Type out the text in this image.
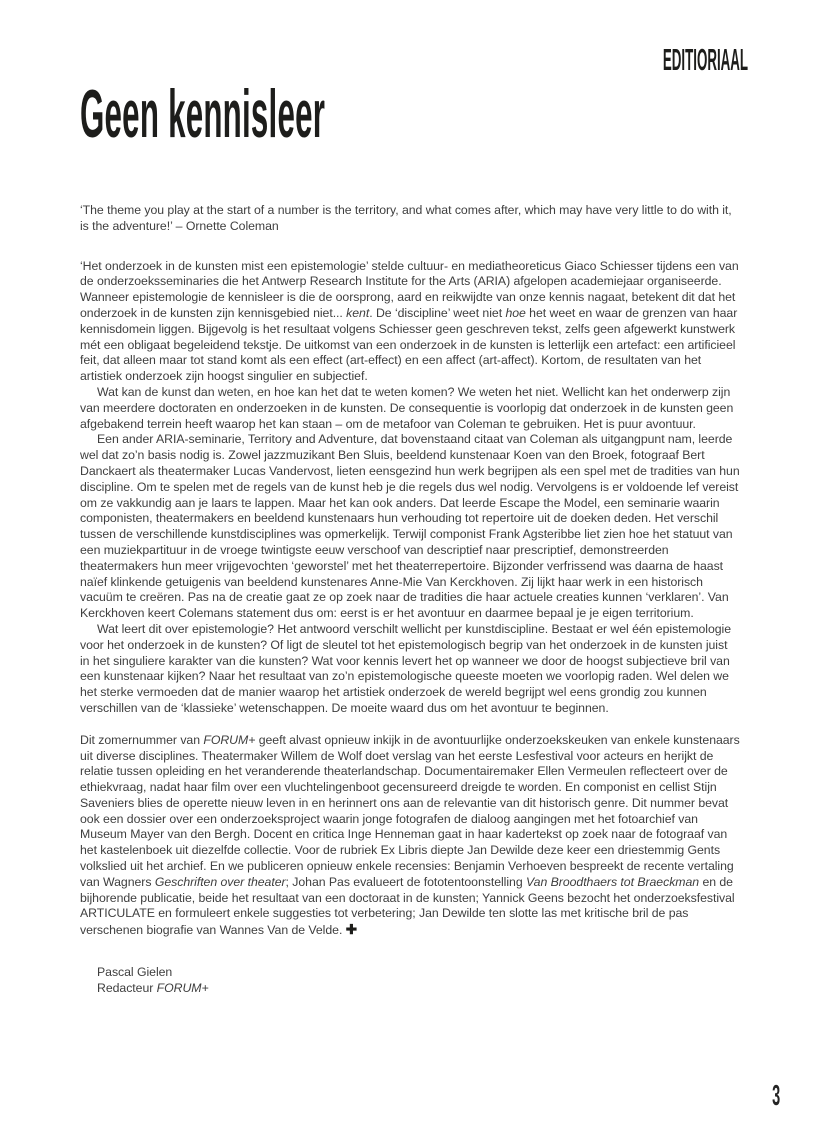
EDITIORIAAL
Geen kennisleer

‘The theme you play at the start of a number is the territory, and what comes after, which may have very little to do with it, is the adventure!’ – Ornette Coleman

‘Het onderzoek in de kunsten mist een epistemologie’ stelde cultuur- en mediatheoreticus Giaco Schiesser tijdens een van de onderzoeksseminaries die het Antwerp Research Institute for the Arts (ARIA) afgelopen academiejaar organiseerde. Wanneer epistemologie de kennisleer is die de oorsprong, aard en reikwijdte van onze kennis nagaat, betekent dit dat het onderzoek in de kunsten zijn kennisgebied niet... kent. De ‘discipline’ weet niet hoe het weet en waar de grenzen van haar kennisdomein liggen. Bijgevolg is het resultaat volgens Schiesser geen geschreven tekst, zelfs geen afgewerkt kunstwerk mét een obligaat begeleidend tekstje. De uitkomst van een onderzoek in de kunsten is letterlijk een artefact: een artificieel feit, dat alleen maar tot stand komt als een effect (art-effect) en een affect (art-affect). Kortom, de resultaten van het artistiek onderzoek zijn hoogst singulier en subjectief.

Wat kan de kunst dan weten, en hoe kan het dat te weten komen? We weten het niet. Wellicht kan het onderwerp zijn van meerdere doctoraten en onderzoeken in de kunsten. De consequentie is voorlopig dat onderzoek in de kunsten geen afgebakend terrein heeft waarop het kan staan – om de metafoor van Coleman te gebruiken. Het is puur avontuur.

Een ander ARIA-seminarie, Territory and Adventure, dat bovenstaand citaat van Coleman als uitgangpunt nam, leerde wel dat zo’n basis nodig is. Zowel jazzmuzikant Ben Sluis, beeldend kunstenaar Koen van den Broek, fotograaf Bert Danckaert als theatermaker Lucas Vandervost, lieten eensgezind hun werk begrijpen als een spel met de tradities van hun discipline. Om te spelen met de regels van de kunst heb je die regels dus wel nodig. Vervolgens is er voldoende lef vereist om ze vakkundig aan je laars te lappen. Maar het kan ook anders. Dat leerde Escape the Model, een seminarie waarin componisten, theatermakers en beeldend kunstenaars hun verhouding tot repertoire uit de doeken deden. Het verschil tussen de verschillende kunstdisciplines was opmerkelijk. Terwijl componist Frank Agsteribbe liet zien hoe het statuut van een muziekpartituur in de vroege twintigste eeuw verschoof van descriptief naar prescriptief, demonstreerden theatermakers hun meer vrijgevochten ‘geworstel’ met het theaterrepertoire. Bijzonder verfrissend was daarna de haast naïef klinkende getuigenis van beeldend kunstenares Anne-Mie Van Kerckhoven. Zij lijkt haar werk in een historisch vacuüm te creëren. Pas na de creatie gaat ze op zoek naar de tradities die haar actuele creaties kunnen ‘verklaren’. Van Kerckhoven keert Colemans statement dus om: eerst is er het avontuur en daarmee bepaal je je eigen territorium.

Wat leert dit over epistemologie? Het antwoord verschilt wellicht per kunstdiscipline. Bestaat er wel één epistemologie voor het onderzoek in de kunsten? Of ligt de sleutel tot het epistemologisch begrip van het onderzoek in de kunsten juist in het singuliere karakter van die kunsten? Wat voor kennis levert het op wanneer we door de hoogst subjectieve bril van een kunstenaar kijken? Naar het resultaat van zo’n epistemologische queeste moeten we voorlopig raden. Wel delen we het sterke vermoeden dat de manier waarop het artistiek onderzoek de wereld begrijpt wel eens grondig zou kunnen verschillen van de ‘klassieke’ wetenschappen. De moeite waard dus om het avontuur te beginnen.

Dit zomernummer van FORUM+ geeft alvast opnieuw inkijk in de avontuurlijke onderzoekskeuken van enkele kunstenaars uit diverse disciplines. Theatermaker Willem de Wolf doet verslag van het eerste Lesfestival voor acteurs en herijkt de relatie tussen opleiding en het veranderende theaterlandschap. Documentairemaker Ellen Vermeulen reflecteert over de ethiekvraag, nadat haar film over een vluchtelingenboot gecensureerd dreigde te worden. En componist en cellist Stijn Saveniers blies de operette nieuw leven in en herinnert ons aan de relevantie van dit historisch genre. Dit nummer bevat ook een dossier over een onderzoeksproject waarin jonge fotografen de dialoog aangingen met het fotoarchief van Museum Mayer van den Bergh. Docent en critica Inge Henneman gaat in haar kadertekst op zoek naar de fotograaf van het kastelenboek uit diezelfde collectie. Voor de rubriek Ex Libris diepte Jan Dewilde deze keer een driestemmig Gents volkslied uit het archief. En we publiceren opnieuw enkele recensies: Benjamin Verhoeven bespreekt de recente vertaling van Wagners Geschriften over theater; Johan Pas evalueert de fototentoonstelling Van Broodthaers tot Braeckman en de bijhorende publicatie, beide het resultaat van een doctoraat in de kunsten; Yannick Geens bezocht het onderzoeksfestival ARTICULATE en formuleert enkele suggesties tot verbetering; Jan Dewilde ten slotte las met kritische bril de pas verschenen biografie van Wannes Van de Velde. ✚

Pascal Gielen
Redacteur FORUM+
3
